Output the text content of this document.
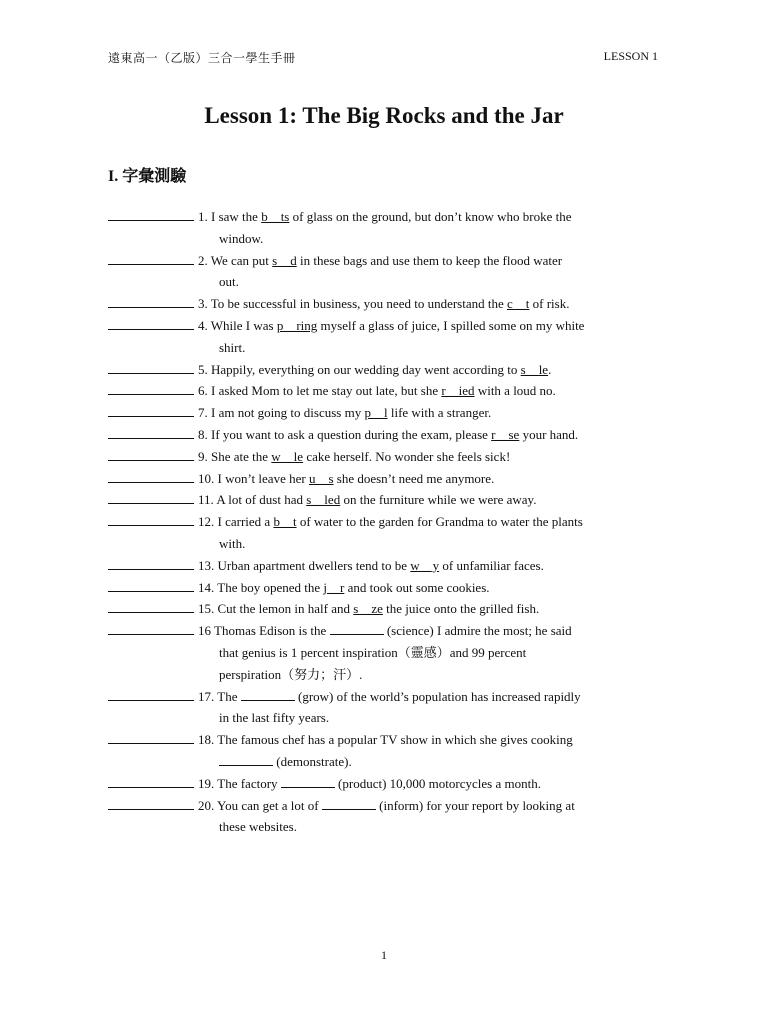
遠東高一（乙版）三合一學生手冊	LESSON 1
Lesson 1: The Big Rocks and the Jar
I. 字彙測驗
1. I saw the b__ts of glass on the ground, but don’t know who broke the
window.
2. We can put s__d in these bags and use them to keep the flood water
out.
3. To be successful in business, you need to understand the c__t of risk.
4. While I was p__ring myself a glass of juice, I spilled some on my white
shirt.
5. Happily, everything on our wedding day went according to s__le.
6. I asked Mom to let me stay out late, but she r__ied with a loud no.
7. I am not going to discuss my p__l life with a stranger.
8. If you want to ask a question during the exam, please r__se your hand.
9. She ate the w__le cake herself. No wonder she feels sick!
10. I won’t leave her u__s she doesn’t need me anymore.
11. A lot of dust had s__led on the furniture while we were away.
12. I carried a b__t of water to the garden for Grandma to water the plants
with.
13. Urban apartment dwellers tend to be w__y of unfamiliar faces.
14. The boy opened the j__r and took out some cookies.
15. Cut the lemon in half and s__ze the juice onto the grilled fish.
16 Thomas Edison is the	(science) I admire the most; he said
that genius is 1 percent inspiration（靈感）and 99 percent
perspiration（努力；汗）.
17. The	(grow) of the world’s population has increased rapidly
in the last fifty years.
18. The famous chef has a popular TV show in which she gives cooking
(demonstrate).
19. The factory	(product) 10,000 motorcycles a month.
20. You can get a lot of	(inform) for your report by looking at
these websites.
1
